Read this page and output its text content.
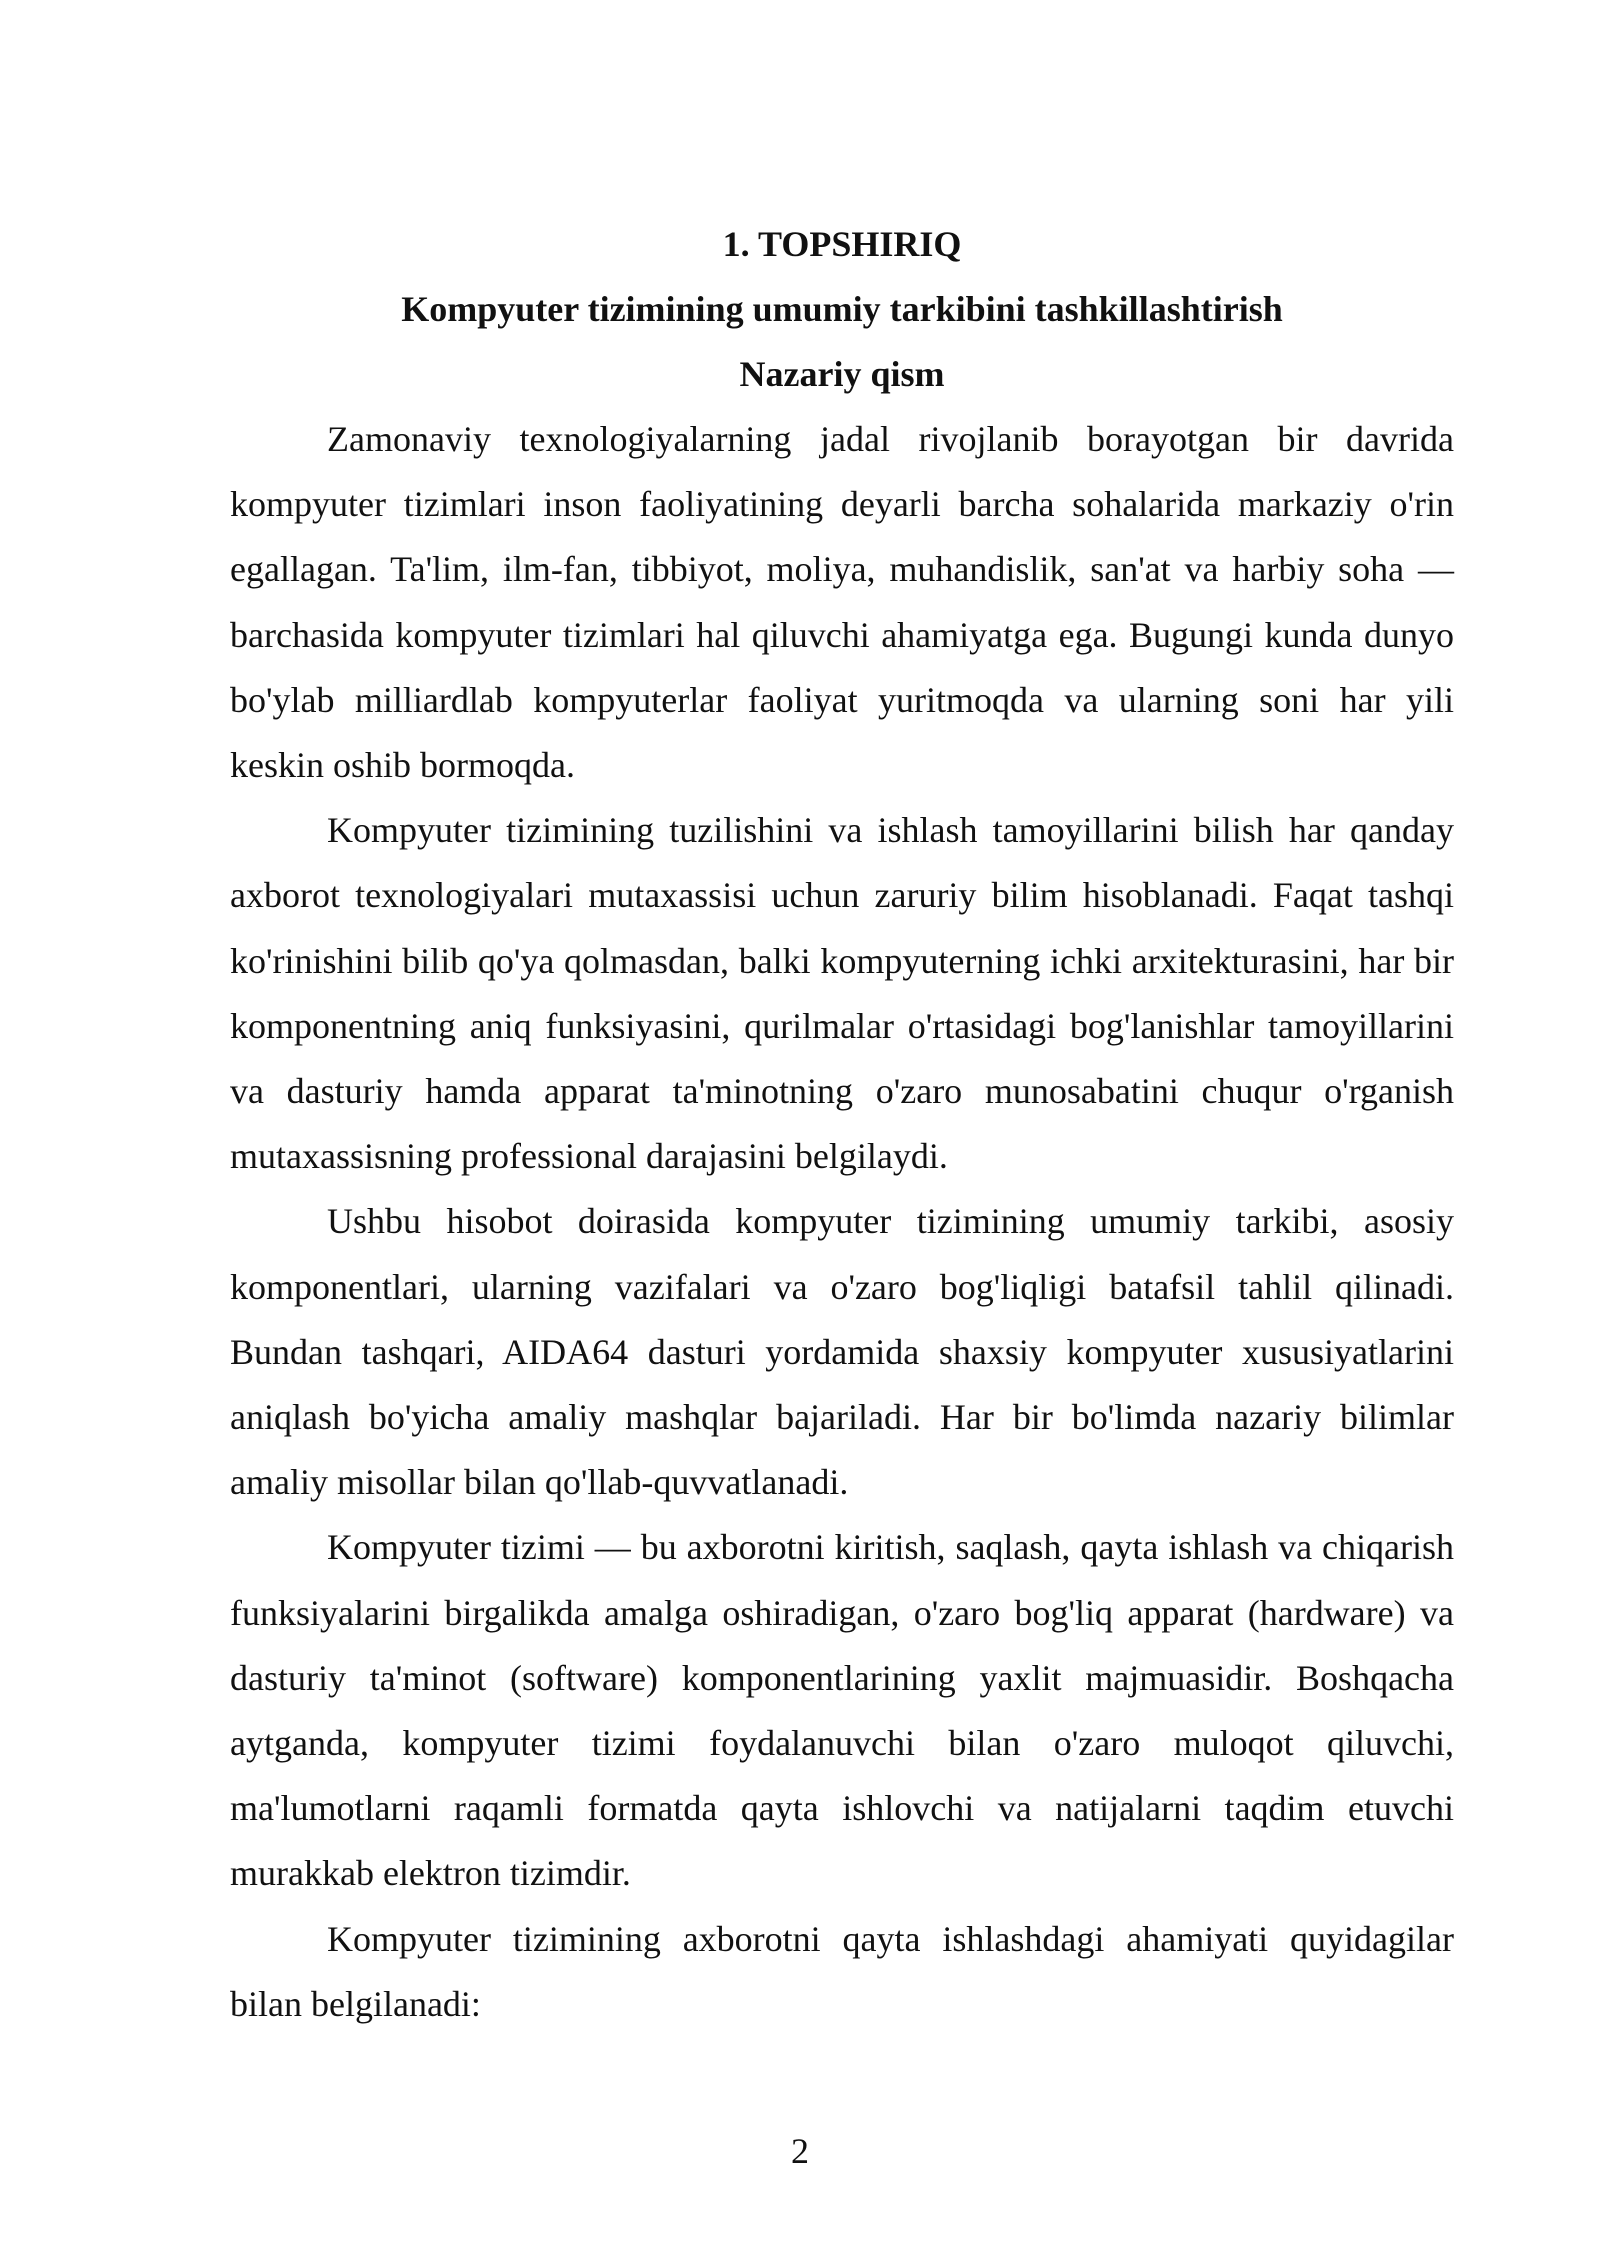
1. TOPSHIRIQ

Kompyuter tizimining umumiy tarkibini tashkillashtirish

Nazariy qism

Zamonaviy texnologiyalarning jadal rivojlanib borayotgan bir davrida kompyuter tizimlari inson faoliyatining deyarli barcha sohalarida markaziy o'rin egallagan. Ta'lim, ilm-fan, tibbiyot, moliya, muhandislik, san'at va harbiy soha — barchasida kompyuter tizimlari hal qiluvchi ahamiyatga ega. Bugungi kunda dunyo bo'ylab milliardlab kompyuterlar faoliyat yuritmoqda va ularning soni har yili keskin oshib bormoqda.

Kompyuter tizimining tuzilishini va ishlash tamoyillarini bilish har qanday axborot texnologiyalari mutaxassisi uchun zaruriy bilim hisoblanadi. Faqat tashqi ko'rinishini bilib qo'ya qolmasdan, balki kompyuterning ichki arxitekturasini, har bir komponentning aniq funksiyasini, qurilmalar o'rtasidagi bog'lanishlar tamoyillarini va dasturiy hamda apparat ta'minotning o'zaro munosabatini chuqur o'rganish mutaxassisning professional darajasini belgilaydi.

Ushbu hisobot doirasida kompyuter tizimining umumiy tarkibi, asosiy komponentlari, ularning vazifalari va o'zaro bog'liqligi batafsil tahlil qilinadi. Bundan tashqari, AIDA64 dasturi yordamida shaxsiy kompyuter xususiyatlarini aniqlash bo'yicha amaliy mashqlar bajariladi. Har bir bo'limda nazariy bilimlar amaliy misollar bilan qo'llab-quvvatlanadi.

Kompyuter tizimi — bu axborotni kiritish, saqlash, qayta ishlash va chiqarish funksiyalarini birgalikda amalga oshiradigan, o'zaro bog'liq apparat (hardware) va dasturiy ta'minot (software) komponentlarining yaxlit majmuasidir. Boshqacha aytganda, kompyuter tizimi foydalanuvchi bilan o'zaro muloqot qiluvchi, ma'lumotlarni raqamli formatda qayta ishlovchi va natijalarni taqdim etuvchi murakkab elektron tizimdir.

Kompyuter tizimining axborotni qayta ishlashdagi ahamiyati quyidagilar bilan belgilanadi:

2
